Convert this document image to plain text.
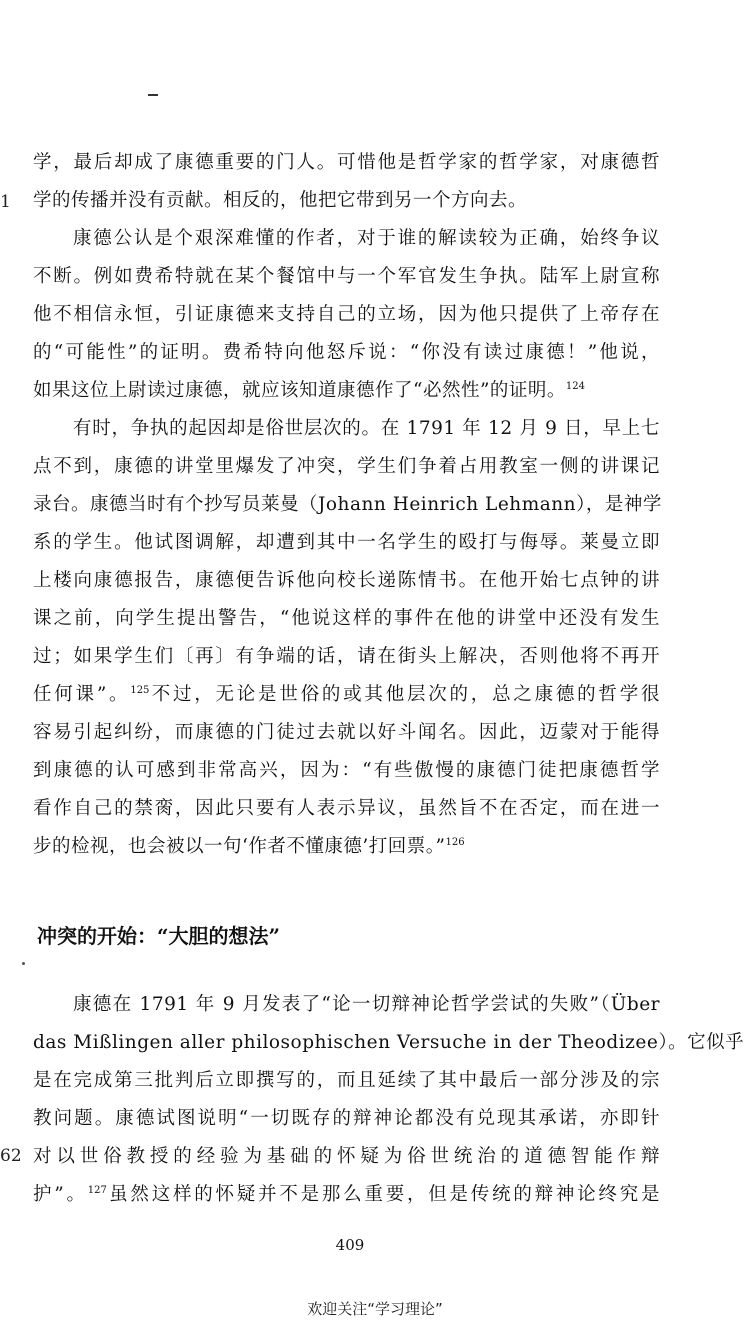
1
62
学，最后却成了康德重要的门人。可惜他是哲学家的哲学家，对康德哲
学的传播并没有贡献。相反的，他把它带到另一个方向去。
康德公认是个艰深难懂的作者，对于谁的解读较为正确，始终争议
不断。例如费希特就在某个餐馆中与一个军官发生争执。陆军上尉宣称
他不相信永恒，引证康德来支持自己的立场，因为他只提供了上帝存在
的“可能性”的证明。费希特向他怒斥说：“你没有读过康德！”他说，
如果这位上尉读过康德，就应该知道康德作了“必然性”的证明。$^{124}$
有时，争执的起因却是俗世层次的。在 1791 年 12 月 9 日，早上七
点不到，康德的讲堂里爆发了冲突，学生们争着占用教室一侧的讲课记
录台。康德当时有个抄写员莱曼（Johann Heinrich Lehmann），是神学
系的学生。他试图调解，却遭到其中一名学生的殴打与侮辱。莱曼立即
上楼向康德报告，康德便告诉他向校长递陈情书。在他开始七点钟的讲
课之前，向学生提出警告，“他说这样的事件在他的讲堂中还没有发生
过；如果学生们〔再〕有争端的话，请在街头上解决，否则他将不再开
任何课”。$^{125}$不过，无论是世俗的或其他层次的，总之康德的哲学很
容易引起纠纷，而康德的门徒过去就以好斗闻名。因此，迈蒙对于能得
到康德的认可感到非常高兴，因为：“有些傲慢的康德门徒把康德哲学
看作自己的禁脔，因此只要有人表示异议，虽然旨不在否定，而在进一
步的检视，也会被以一句‘作者不懂康德’打回票。”$^{126}$
冲突的开始：“大胆的想法”
康德在 1791 年 9 月发表了“论一切辩神论哲学尝试的失败”（Über
das Mißlingen aller philosophischen Versuche in der Theodizee）。它似乎
是在完成第三批判后立即撰写的，而且延续了其中最后一部分涉及的宗
教问题。康德试图说明“一切既存的辩神论都没有兑现其承诺，亦即针
对以世俗教授的经验为基础的怀疑为俗世统治的道德智能作辩
护”。$^{127}$虽然这样的怀疑并不是那么重要，但是传统的辩神论终究是
409
欢迎关注“学习理论”
